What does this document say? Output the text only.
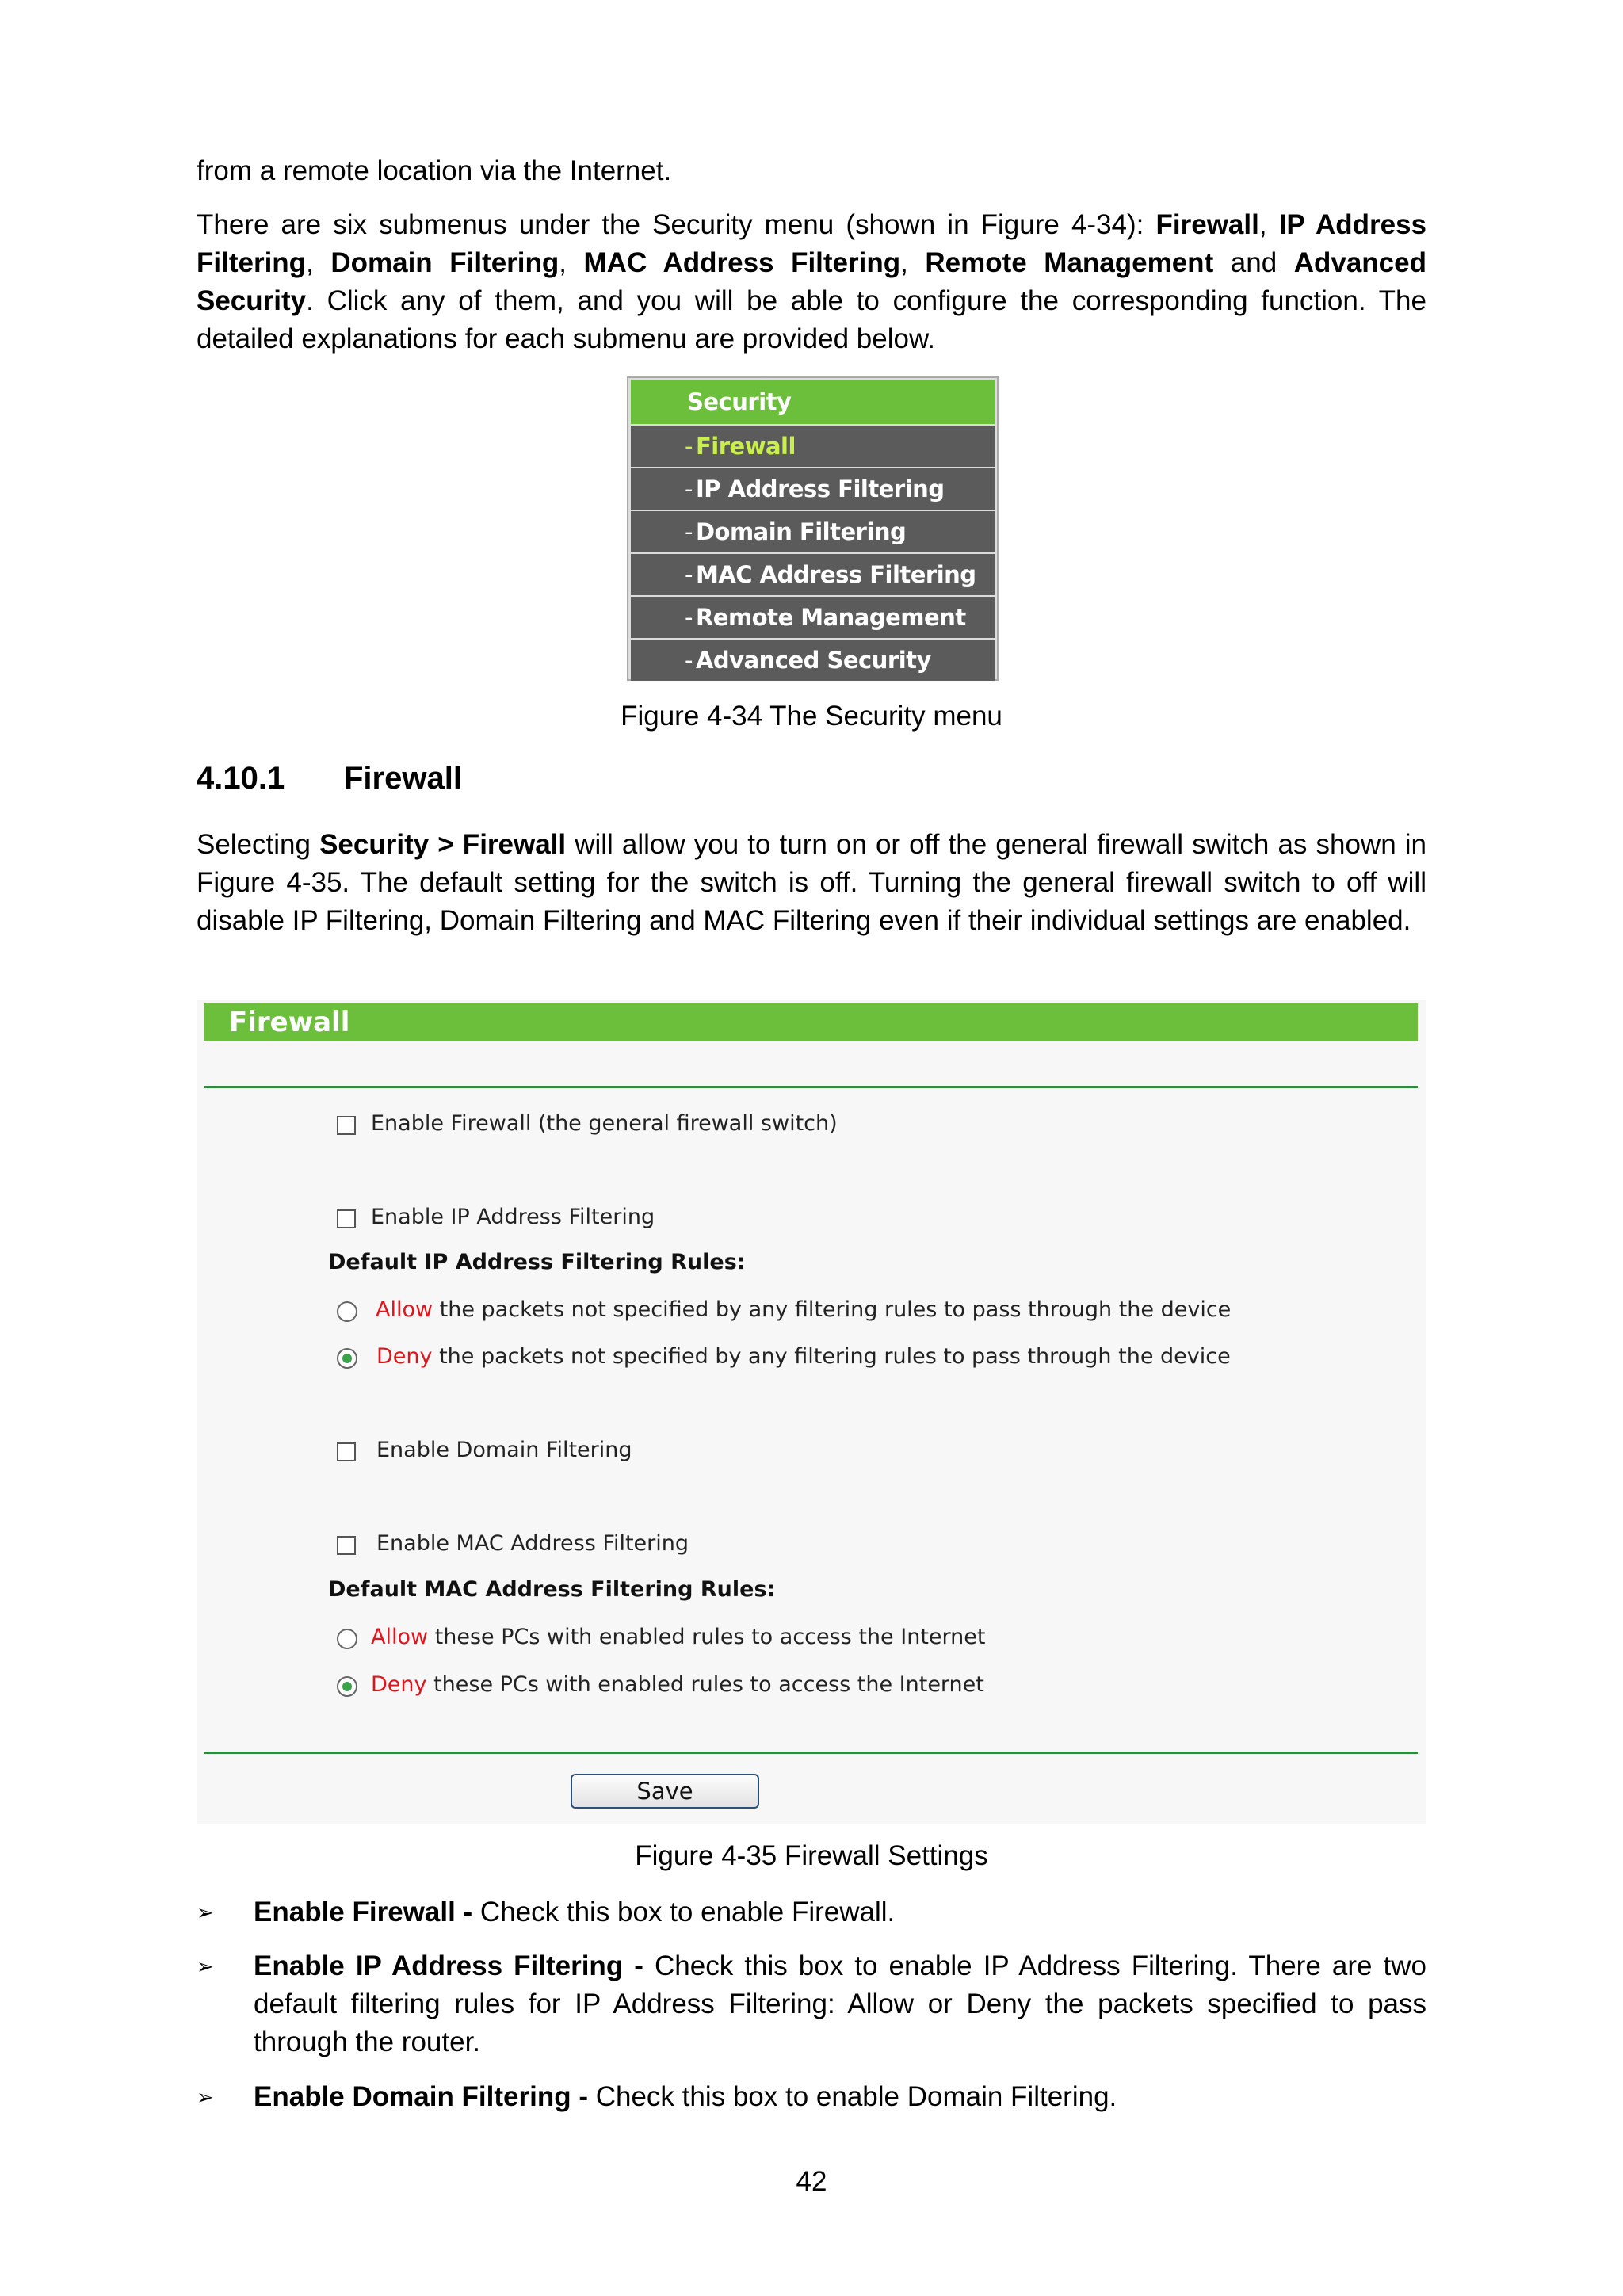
from a remote location via the Internet.

There are six submenus under the Security menu (shown in Figure 4-34): Firewall, IP Address Filtering, Domain Filtering, MAC Address Filtering, Remote Management and Advanced Security. Click any of them, and you will be able to configure the corresponding function. The detailed explanations for each submenu are provided below.

Security
- Firewall
- IP Address Filtering
- Domain Filtering
- MAC Address Filtering
- Remote Management
- Advanced Security
Figure 4-34 The Security menu
4.10.1 Firewall

Selecting Security > Firewall will allow you to turn on or off the general firewall switch as shown in Figure 4-35. The default setting for the switch is off. Turning the general firewall switch to off will disable IP Filtering, Domain Filtering and MAC Filtering even if their individual settings are enabled.

Firewall
Enable Firewall (the general firewall switch)
Enable IP Address Filtering
Default IP Address Filtering Rules:
Allow the packets not specified by any filtering rules to pass through the device
Deny the packets not specified by any filtering rules to pass through the device
Enable Domain Filtering
Enable MAC Address Filtering
Default MAC Address Filtering Rules:
Allow these PCs with enabled rules to access the Internet
Deny these PCs with enabled rules to access the Internet
Save
Figure 4-35 Firewall Settings
➢ Enable Firewall - Check this box to enable Firewall.

➢ Enable IP Address Filtering - Check this box to enable IP Address Filtering. There are two default filtering rules for IP Address Filtering: Allow or Deny the packets specified to pass through the router.

➢ Enable Domain Filtering - Check this box to enable Domain Filtering.

42
